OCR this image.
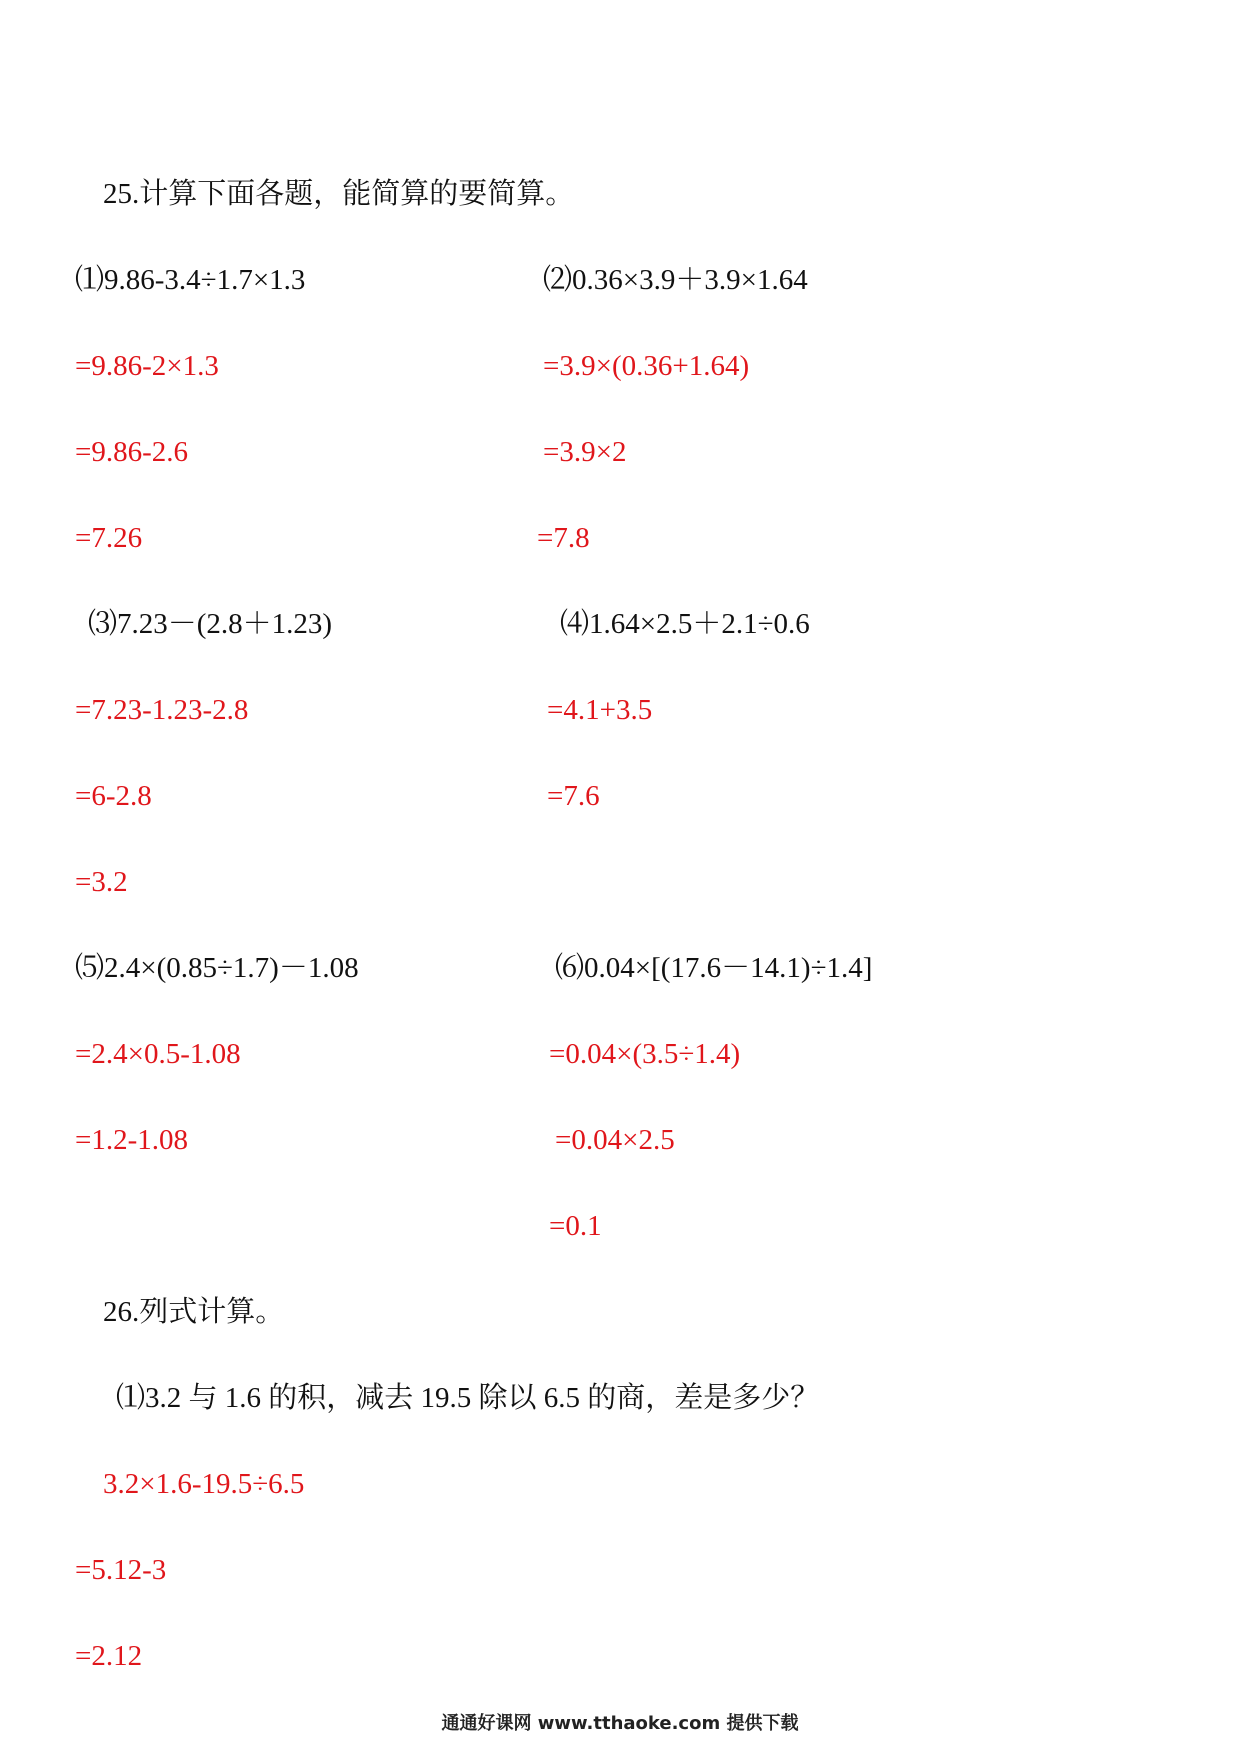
25.计算下面各题，能简算的要简算。
⑴9.86-3.4÷1.7×1.3
=9.86-2×1.3
=9.86-2.6
=7.26
⑵0.36×3.9＋3.9×1.64
=3.9×(0.36+1.64)
=3.9×2
=7.8
⑶7.23－(2.8＋1.23)
=7.23-1.23-2.8
=6-2.8
=3.2
⑷1.64×2.5＋2.1÷0.6
=4.1+3.5
=7.6
⑸2.4×(0.85÷1.7)－1.08
=2.4×0.5-1.08
=1.2-1.08
⑹0.04×[(17.6－14.1)÷1.4]
=0.04×(3.5÷1.4)
=0.04×2.5
=0.1
26.列式计算。
⑴3.2 与 1.6 的积，减去 19.5 除以 6.5 的商，差是多少？
3.2×1.6-19.5÷6.5
=5.12-3
=2.12
通通好课网 www.tthaoke.com 提供下载
